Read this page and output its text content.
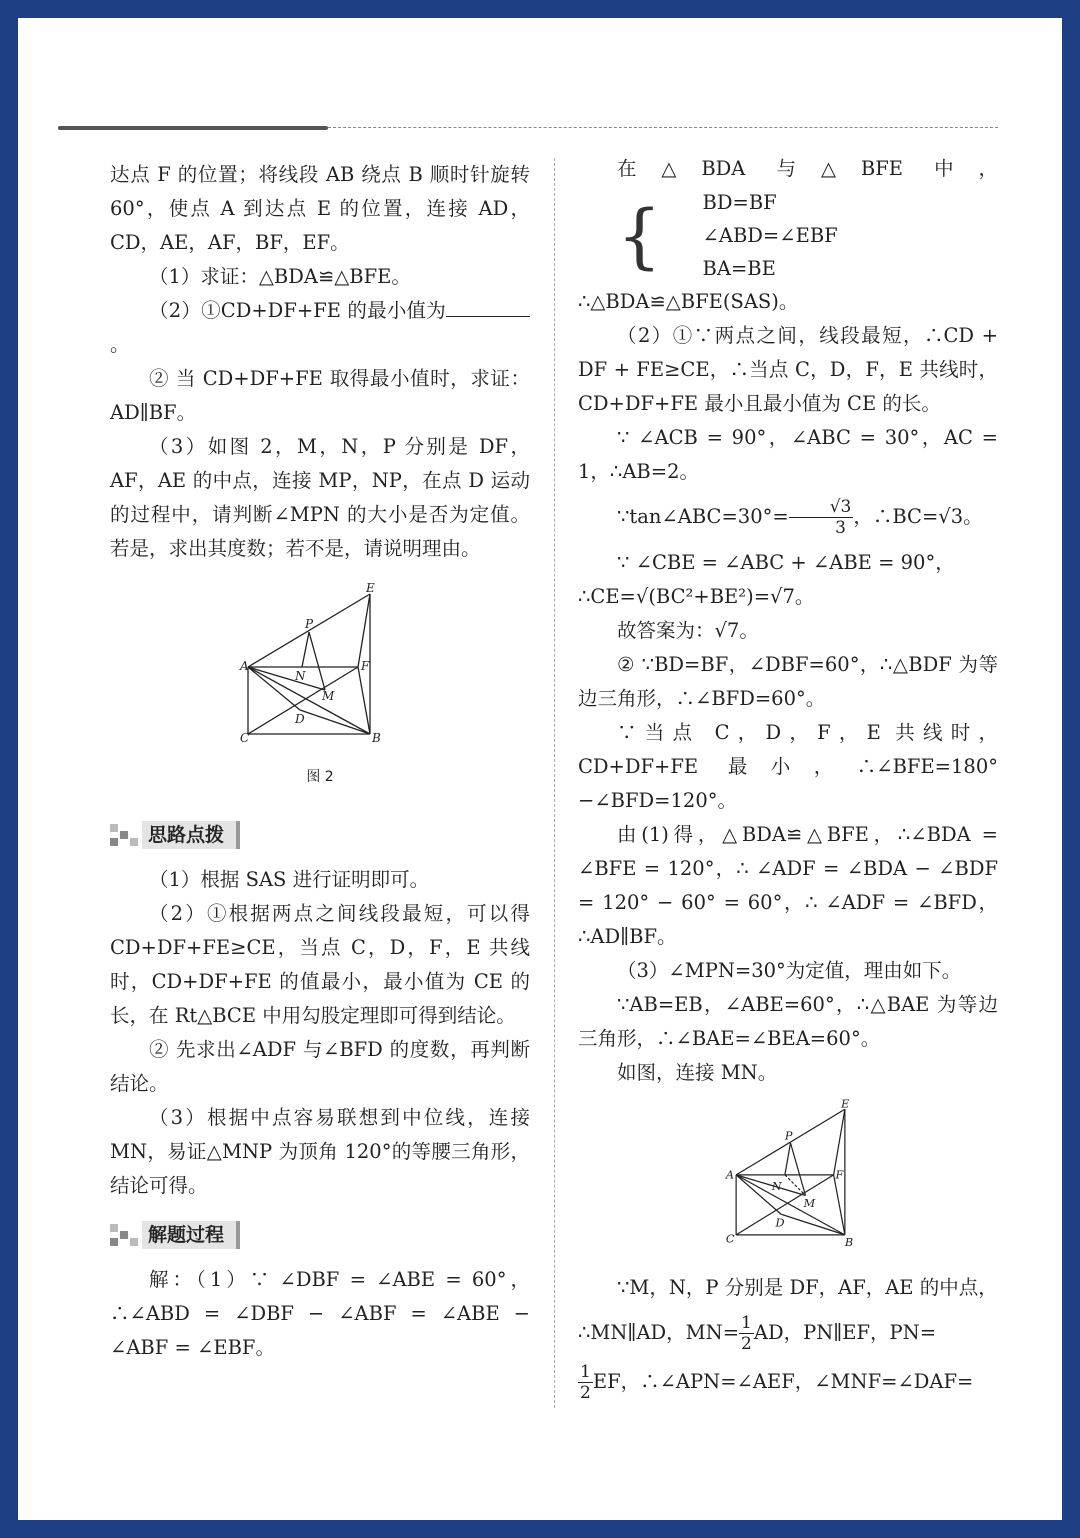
达点 F 的位置；将线段 AB 绕点 B 顺时针旋转 60°，使点 A 到达点 E 的位置，连接 AD，CD，AE，AF，BF，EF。

（1）求证：△BDA≌△BFE。

（2）①CD+DF+FE 的最小值为。

② 当 CD+DF+FE 取得最小值时，求证：AD∥BF。

（3）如图 2，M，N，P 分别是 DF，AF，AE 的中点，连接 MP，NP，在点 D 运动的过程中，请判断∠MPN 的大小是否为定值。若是，求出其度数；若不是，请说明理由。

A
B
C
D
E
F
M
N
P
图 2
思路点拨

（1）根据 SAS 进行证明即可。

（2）①根据两点之间线段最短，可以得 CD+DF+FE≥CE，当点 C，D，F，E 共线时，CD+DF+FE 的值最小，最小值为 CE 的长，在 Rt△BCE 中用勾股定理即可得到结论。

② 先求出∠ADF 与∠BFD 的度数，再判断结论。

（3）根据中点容易联想到中位线，连接 MN，易证△MNP 为顶角 120°的等腰三角形，结论可得。

解题过程

解：（1）∵ ∠DBF = ∠ABE = 60°，∴∠ABD = ∠DBF − ∠ABF = ∠ABE − ∠ABF = ∠EBF。

在△BDA 与△BFE 中，
{	BD=BF
∠ABD=∠EBF
BA=BE

∴△BDA≌△BFE(SAS)。

（2）①∵两点之间，线段最短，∴CD + DF + FE≥CE，∴当点 C，D，F，E 共线时，CD+DF+FE 最小且最小值为 CE 的长。

∵ ∠ACB = 90°，∠ABC = 30°，AC = 1，∴AB=2。

∵tan∠ABC=30°= $\frac{√3}{3}$ ，∴BC=√3。

∵ ∠CBE = ∠ABC + ∠ABE = 90°，

∴CE=√(BC²+BE²)=√7。

故答案为：√7。

② ∵BD=BF，∠DBF=60°，∴△BDF 为等边三角形，∴∠BFD=60°。

∵当点 C，D，F，E 共线时，CD+DF+FE 最小，∴∠BFE=180°−∠BFD=120°。

由(1)得，△BDA≌△BFE，∴∠BDA = ∠BFE = 120°，∴ ∠ADF = ∠BDA − ∠BDF = 120° − 60° = 60°，∴ ∠ADF = ∠BFD，∴AD∥BF。

（3）∠MPN=30°为定值，理由如下。

∵AB=EB，∠ABE=60°，∴△BAE 为等边三角形，∴∠BAE=∠BEA=60°。

如图，连接 MN。

A
B
C
D
E
F
M
N
P

∵M，N，P 分别是 DF，AF，AE 的中点，

∴MN∥AD，$MN= \frac{1}{2}$ AD，PN∥EF，PN=

$\frac{1}{2}$ EF，∴∠APN=∠AEF，∠MNF=∠DAF=
